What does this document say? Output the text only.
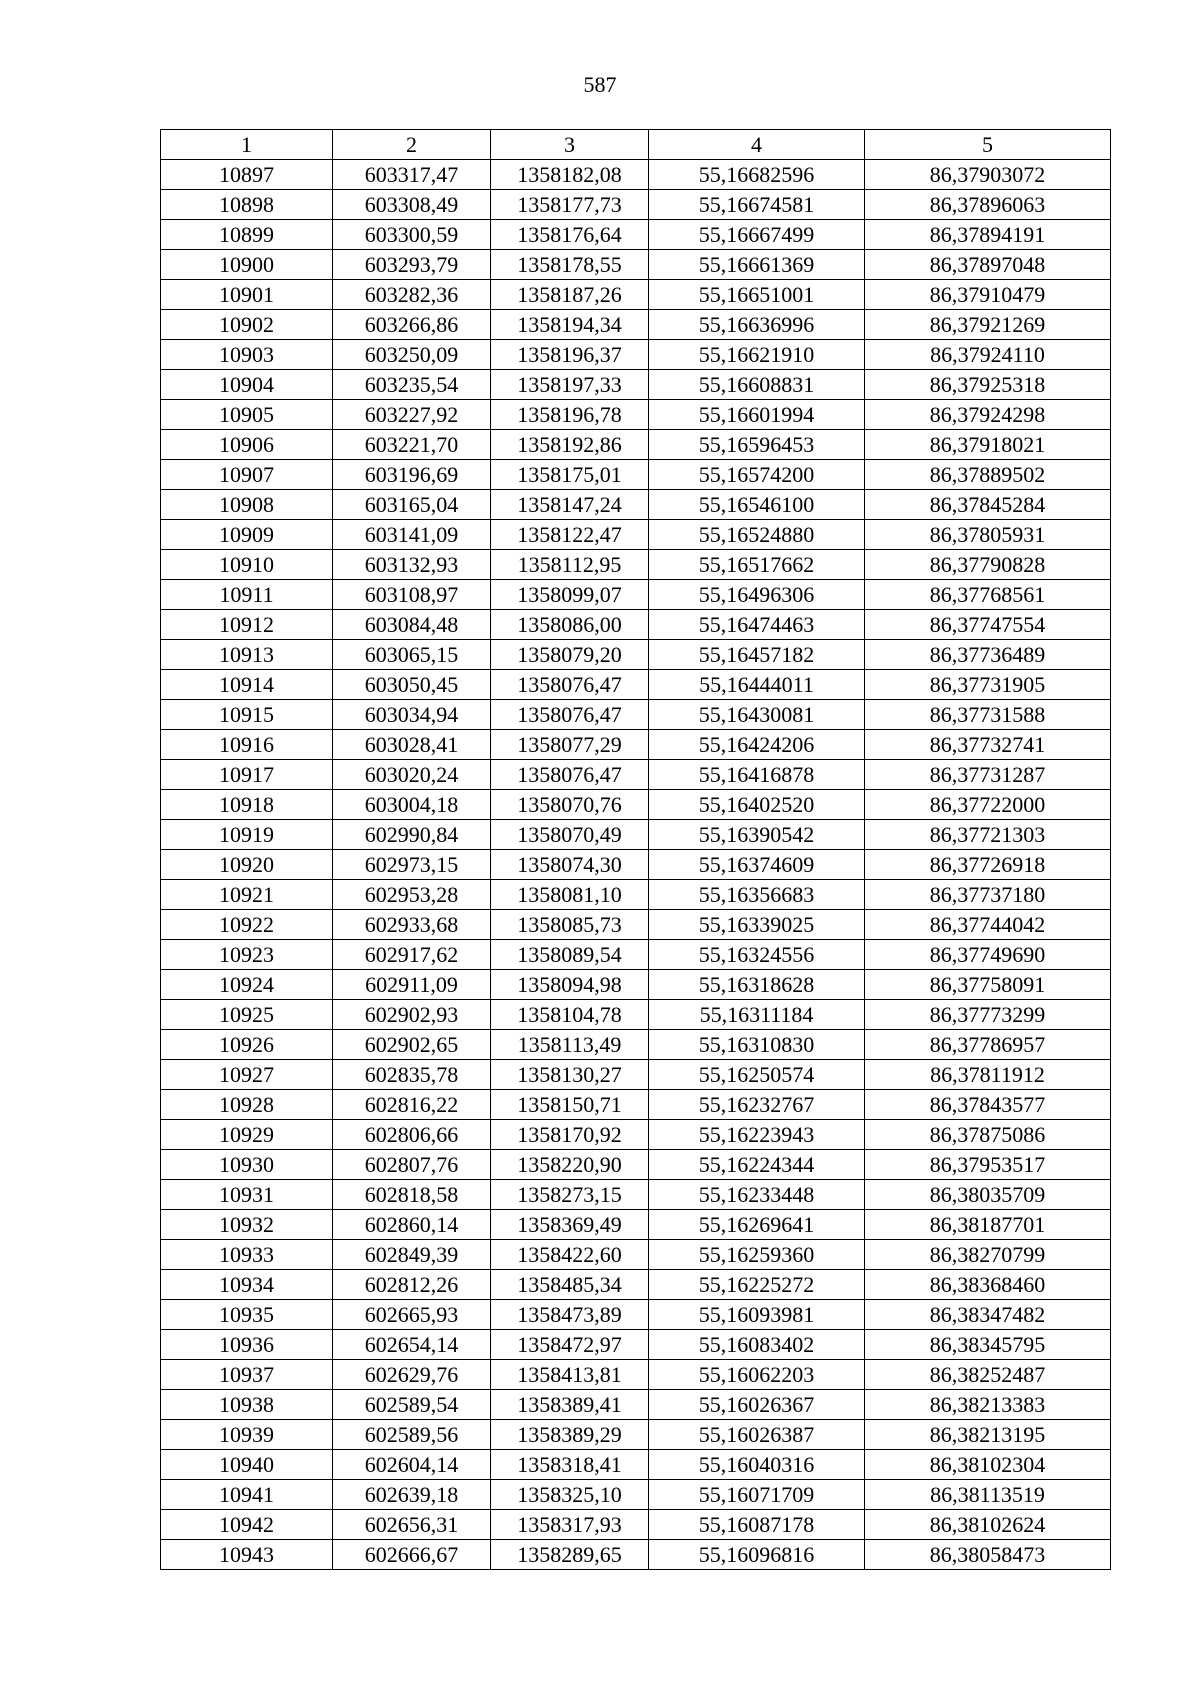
587
1	2	3	4	5
10897	603317,47	1358182,08	55,16682596	86,37903072
10898	603308,49	1358177,73	55,16674581	86,37896063
10899	603300,59	1358176,64	55,16667499	86,37894191
10900	603293,79	1358178,55	55,16661369	86,37897048
10901	603282,36	1358187,26	55,16651001	86,37910479
10902	603266,86	1358194,34	55,16636996	86,37921269
10903	603250,09	1358196,37	55,16621910	86,37924110
10904	603235,54	1358197,33	55,16608831	86,37925318
10905	603227,92	1358196,78	55,16601994	86,37924298
10906	603221,70	1358192,86	55,16596453	86,37918021
10907	603196,69	1358175,01	55,16574200	86,37889502
10908	603165,04	1358147,24	55,16546100	86,37845284
10909	603141,09	1358122,47	55,16524880	86,37805931
10910	603132,93	1358112,95	55,16517662	86,37790828
10911	603108,97	1358099,07	55,16496306	86,37768561
10912	603084,48	1358086,00	55,16474463	86,37747554
10913	603065,15	1358079,20	55,16457182	86,37736489
10914	603050,45	1358076,47	55,16444011	86,37731905
10915	603034,94	1358076,47	55,16430081	86,37731588
10916	603028,41	1358077,29	55,16424206	86,37732741
10917	603020,24	1358076,47	55,16416878	86,37731287
10918	603004,18	1358070,76	55,16402520	86,37722000
10919	602990,84	1358070,49	55,16390542	86,37721303
10920	602973,15	1358074,30	55,16374609	86,37726918
10921	602953,28	1358081,10	55,16356683	86,37737180
10922	602933,68	1358085,73	55,16339025	86,37744042
10923	602917,62	1358089,54	55,16324556	86,37749690
10924	602911,09	1358094,98	55,16318628	86,37758091
10925	602902,93	1358104,78	55,16311184	86,37773299
10926	602902,65	1358113,49	55,16310830	86,37786957
10927	602835,78	1358130,27	55,16250574	86,37811912
10928	602816,22	1358150,71	55,16232767	86,37843577
10929	602806,66	1358170,92	55,16223943	86,37875086
10930	602807,76	1358220,90	55,16224344	86,37953517
10931	602818,58	1358273,15	55,16233448	86,38035709
10932	602860,14	1358369,49	55,16269641	86,38187701
10933	602849,39	1358422,60	55,16259360	86,38270799
10934	602812,26	1358485,34	55,16225272	86,38368460
10935	602665,93	1358473,89	55,16093981	86,38347482
10936	602654,14	1358472,97	55,16083402	86,38345795
10937	602629,76	1358413,81	55,16062203	86,38252487
10938	602589,54	1358389,41	55,16026367	86,38213383
10939	602589,56	1358389,29	55,16026387	86,38213195
10940	602604,14	1358318,41	55,16040316	86,38102304
10941	602639,18	1358325,10	55,16071709	86,38113519
10942	602656,31	1358317,93	55,16087178	86,38102624
10943	602666,67	1358289,65	55,16096816	86,38058473
